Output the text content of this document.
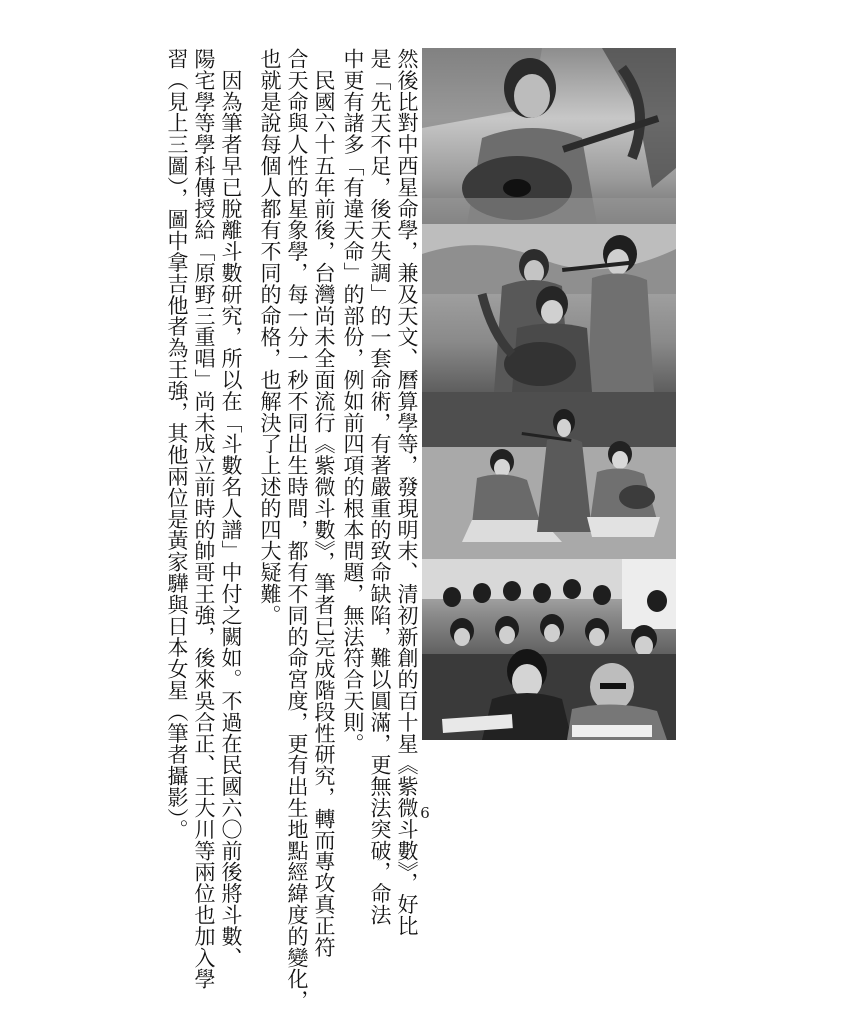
然後比對中西星命學，兼及天文、曆算學等，發現明末、清初新創的百十星《紫微斗數》，好比
是「先天不足，後天失調」的一套命術，有著嚴重的致命缺陷，難以圓滿，更無法突破，命法
中更有諸多「有違天命」的部份，例如前四項的根本問題，無法符合天則。
　民國六十五年前後，台灣尚未全面流行《紫微斗數》，筆者已完成階段性研究，轉而專攻真正符
合天命與人性的星象學，每一分一秒不同出生時間，都有不同的命宮度，更有出生地點經緯度的變化，
也就是說每個人都有不同的命格，也解決了上述的四大疑難。
　因為筆者早已脫離斗數研究，所以在「斗數名人譜」中付之闕如。不過在民國六〇前後將斗數、
陽宅學等學科傳授給「原野三重唱」尚未成立前時的帥哥王強，後來吳合正、王大川等兩位也加入學
習（見上三圖），圖中拿吉他者為王強，其他兩位是黃家驊與日本女星（筆者攝影）。	6
